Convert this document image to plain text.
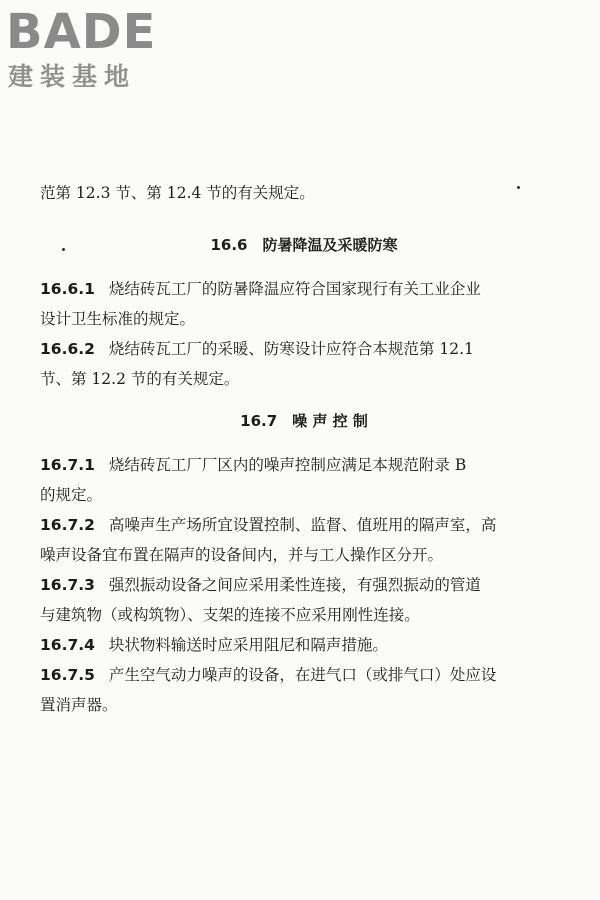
BADE
建装基地
范第 12.3 节、第 12.4 节的有关规定。
16.6　防暑降温及采暖防寒
16.6.1 烧结砖瓦工厂的防暑降温应符合国家现行有关工业企业
设计卫生标准的规定。
16.6.2 烧结砖瓦工厂的采暖、防寒设计应符合本规范第 12.1
节、第 12.2 节的有关规定。
16.7　噪 声 控 制
16.7.1 烧结砖瓦工厂厂区内的噪声控制应满足本规范附录 B
的规定。
16.7.2 高噪声生产场所宜设置控制、监督、值班用的隔声室，高
噪声设备宜布置在隔声的设备间内，并与工人操作区分开。
16.7.3 强烈振动设备之间应采用柔性连接，有强烈振动的管道
与建筑物（或构筑物）、支架的连接不应采用刚性连接。
16.7.4 块状物料输送时应采用阻尼和隔声措施。
16.7.5 产生空气动力噪声的设备，在进气口（或排气口）处应设
置消声器。
